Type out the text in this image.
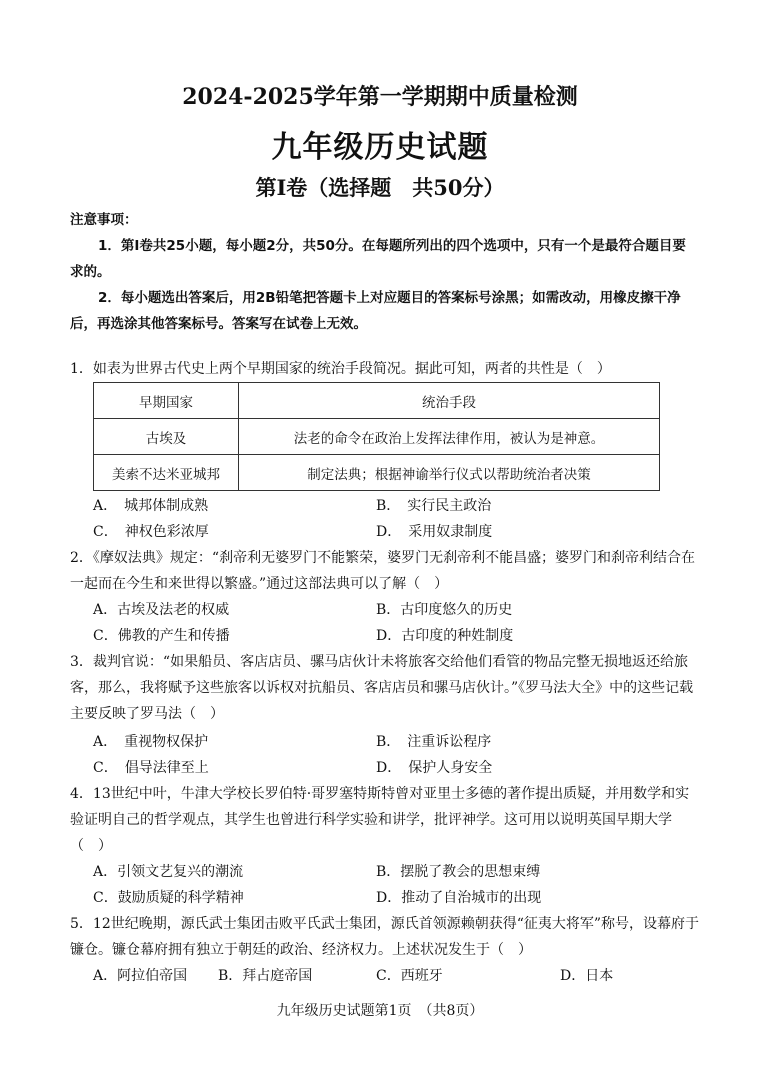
2024-2025学年第一学期期中质量检测
九年级历史试题
第Ⅰ卷（选择题　共50分）
注意事项：
1．第Ⅰ卷共25小题，每小题2分，共50分。在每题所列出的四个选项中，只有一个是最符合题目要求的。
2．每小题选出答案后，用2B铅笔把答题卡上对应题目的答案标号涂黑；如需改动，用橡皮擦干净后，再选涂其他答案标号。答案写在试卷上无效。
1．如表为世界古代史上两个早期国家的统治手段简况。据此可知，两者的共性是（　）
早期国家	统治手段
古埃及	法老的命令在政治上发挥法律作用，被认为是神意。
美索不达米亚城邦	制定法典；根据神谕举行仪式以帮助统治者决策
A．　城邦体制成熟	B．　实行民主政治
C．　神权色彩浓厚	D．　采用奴隶制度
2．《摩奴法典》规定：“刹帝利无婆罗门不能繁荣，婆罗门无刹帝利不能昌盛；婆罗门和刹帝利结合在一起而在今生和来世得以繁盛。”通过这部法典可以了解（　）
A．古埃及法老的权威	B．古印度悠久的历史
C．佛教的产生和传播	D．古印度的种姓制度
3．裁判官说：“如果船员、客店店员、骡马店伙计未将旅客交给他们看管的物品完整无损地返还给旅客，那么，我将赋予这些旅客以诉权对抗船员、客店店员和骡马店伙计。”《罗马法大全》中的这些记载主要反映了罗马法（　）
A．　重视物权保护	B．　注重诉讼程序
C．　倡导法律至上	D．　保护人身安全
4．13世纪中叶，牛津大学校长罗伯特·哥罗塞特斯特曾对亚里士多德的著作提出质疑，并用数学和实验证明自己的哲学观点，其学生也曾进行科学实验和讲学，批评神学。这可用以说明英国早期大学（　）
A．引领文艺复兴的潮流	B．摆脱了教会的思想束缚
C．鼓励质疑的科学精神	D．推动了自治城市的出现
5．12世纪晚期，源氏武士集团击败平氏武士集团，源氏首领源赖朝获得“征夷大将军”称号，设幕府于镰仓。镰仓幕府拥有独立于朝廷的政治、经济权力。上述状况发生于（　）
A．阿拉伯帝国 B．拜占庭帝国	C．西班牙	D．日本
九年级历史试题第1页　（共8页）
